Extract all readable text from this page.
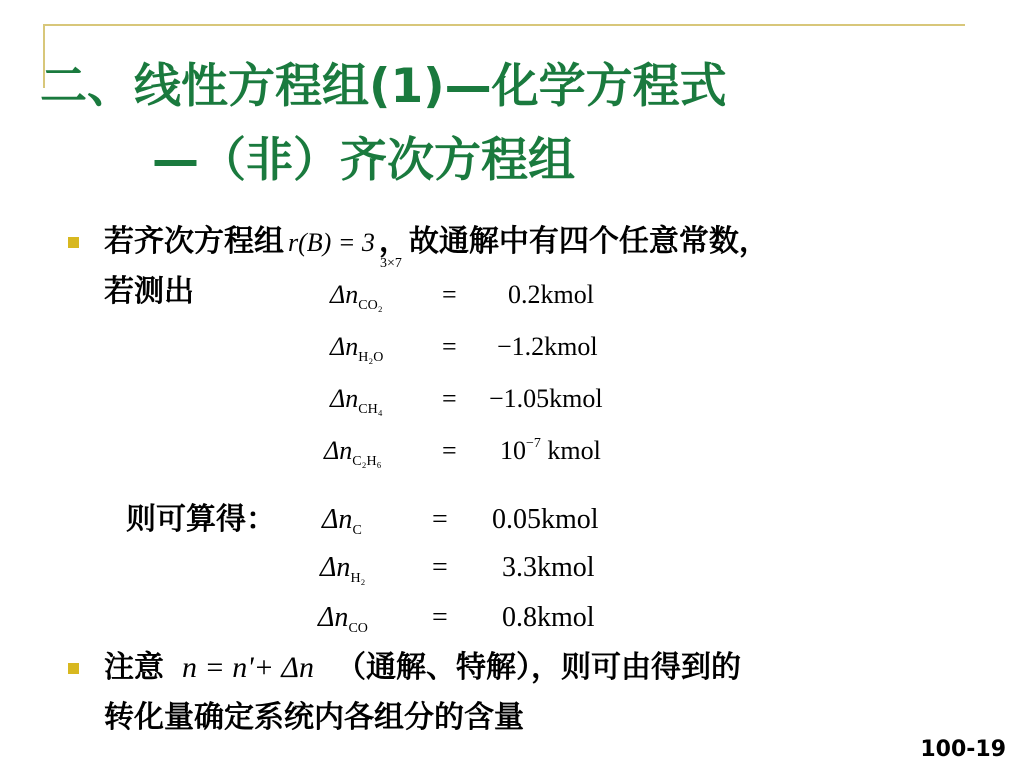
二、线性方程组(1)—化学方程式
—（非）齐次方程组
若齐次方程组 r(B) = 3 ，故通解中有四个任意常数，
3×7
若测出	$\Delta n_{CO_2}$ = 0.2kmol
$\Delta n_{H_2O}$ = −1.2kmol
$\Delta n_{CH_4}$ = −1.05kmol
$\Delta n_{C_2H_6} = 10^{-7}$ kmol
则可算得： $\Delta n_C$	= 0.05kmol
$\Delta n_{H_2}$ = 3.3kmol
$\Delta n_{CO}$ = 0.8kmol
注意 n = n'+ Δn （通解、特解），则可由得到的
转化量确定系统内各组分的含量
100-19
